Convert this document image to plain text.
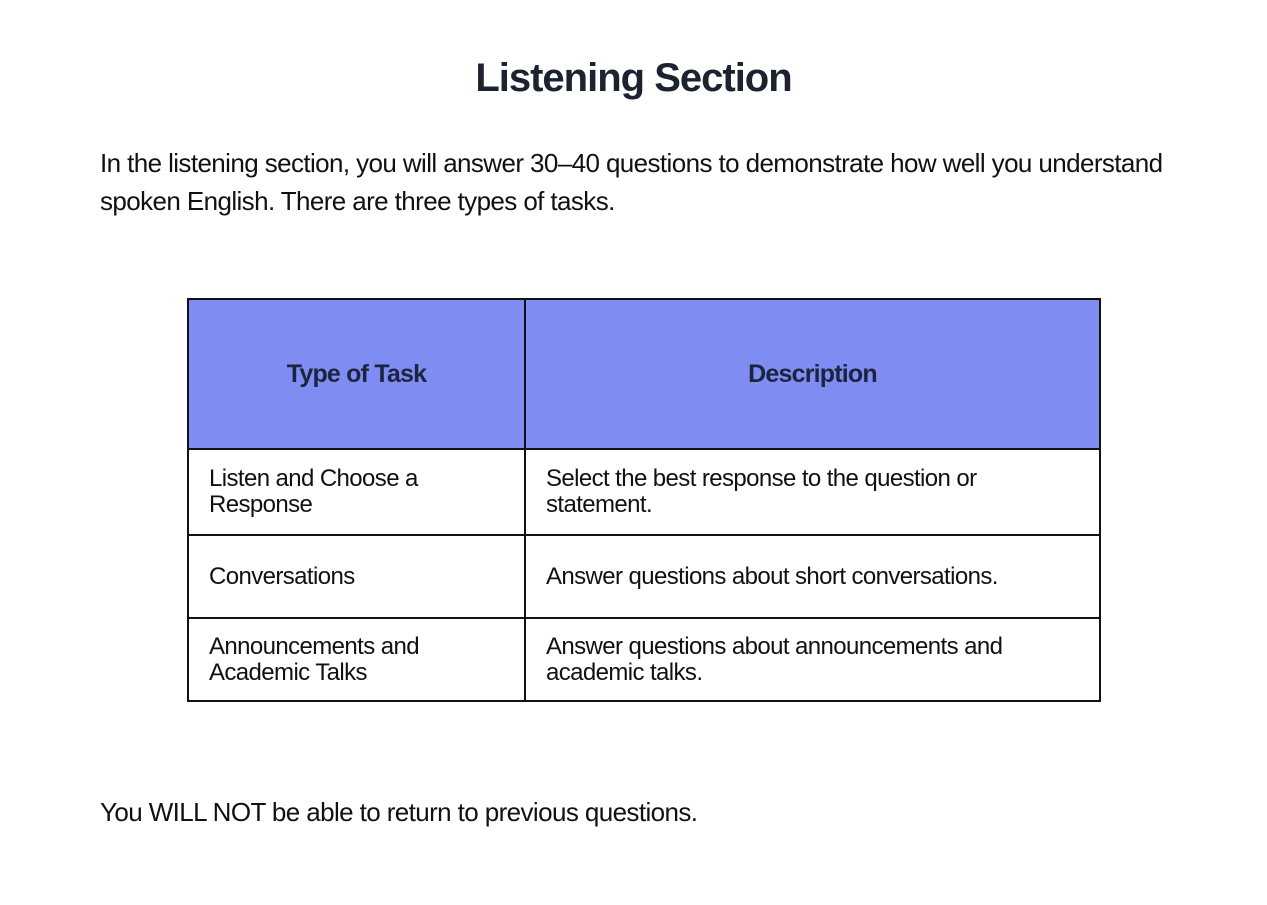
Listening Section

In the listening section, you will answer 30–40 questions to demonstrate how well you understand spoken English. There are three types of tasks.

Type of Task	Description
Listen and Choose a Response	Select the best response to the question or statement.
Conversations	Answer questions about short conversations.
Announcements and Academic Talks	Answer questions about announcements and academic talks.

You WILL NOT be able to return to previous questions.
